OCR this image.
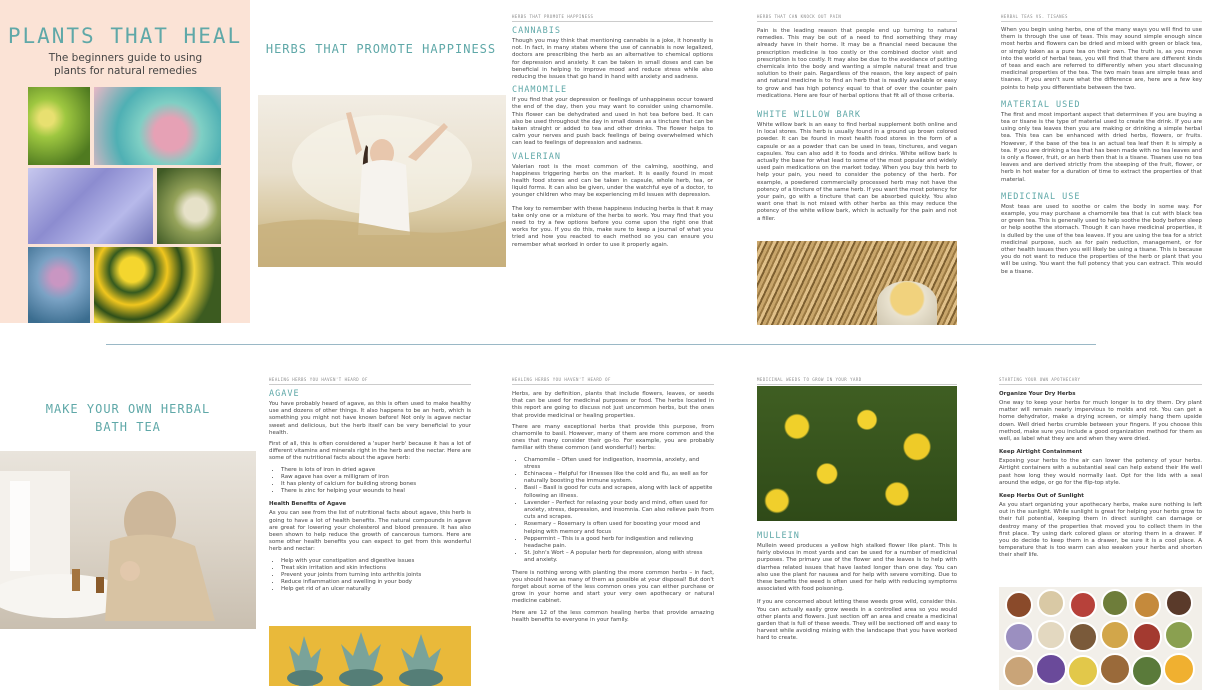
PLANTS THAT HEAL
The beginners guide to using plants for natural remedies
HERBS THAT PROMOTE HAPPINESS
HERBS THAT PROMOTE HAPPINESS
CANNABIS
Though you may think that mentioning cannabis is a joke, it honestly is not. In fact, in many states where the use of cannabis is now legalized, doctors are prescribing the herb as an alternative to chemical options for depression and anxiety. It can be taken in small doses and can be beneficial in helping to improve mood and reduce stress while also reducing the issues that go hand in hand with anxiety and sadness.
CHAMOMILE
If you find that your depression or feelings of unhappiness occur toward the end of the day, then you may want to consider using chamomile. This flower can be dehydrated and used in hot tea before bed. It can also be used throughout the day in small doses as a tincture that can be taken straight or added to tea and other drinks. The flower helps to calm your nerves and push back feelings of being overwhelmed which can lead to feelings of depression and sadness.
VALERIAN
Valerian root is the most common of the calming, soothing, and happiness triggering herbs on the market. It is easily found in most health food stores and can be taken in capsule, whole herb, tea, or liquid forms. It can also be given, under the watchful eye of a doctor, to younger children who may be experiencing mild issues with depression.
The key to remember with these happiness inducing herbs is that it may take only one or a mixture of the herbs to work. You may find that you need to try a few options before you come upon the right one that works for you. If you do this, make sure to keep a journal of what you tried and how you reacted to each method so you can ensure you remember what worked in order to use it properly again.
HERBS THAT CAN KNOCK OUT PAIN
Pain is the leading reason that people end up turning to natural remedies. This may be out of a need to find something they may already have in their home. It may be a financial need because the prescription medicine is too costly or the combined doctor visit and prescription is too costly. It may also be due to the avoidance of putting chemicals into the body and wanting a simple natural treat and true solution to their pain. Regardless of the reason, the key aspect of pain and natural medicine is to find an herb that is readily available or easy to grow and has high potency equal to that of over the counter pain medications. Here are four of herbal options that fit all of those criteria.
WHITE WILLOW BARK
White willow bark is an easy to find herbal supplement both online and in local stores. This herb is usually found in a ground up brown colored powder. It can be found in most health food stores in the form of a capsule or as a powder that can be used in teas, tinctures, and vegan capsules. You can also add it to foods and drinks. White willow bark is actually the base for what lead to some of the most popular and widely used pain medications on the market today. When you buy this herb to help your pain, you need to consider the potency of the herb. For example, a powdered commercially processed herb may not have the potency of a tincture of the same herb. If you want the most potency for your pain, go with a tincture that can be absorbed quickly. You also want one that is not mixed with other herbs as this may reduce the potency of the white willow bark, which is actually for the pain and not a filler.
HERBAL TEAS VS. TISANES
When you begin using herbs, one of the many ways you will find to use them is through the use of teas. This may sound simple enough since most herbs and flowers can be dried and mixed with green or black tea, or simply taken as a pure tea on their own. The truth is, as you move into the world of herbal teas, you will find that there are different kinds of teas and each are referred to differently when you start discussing medicinal properties of the tea. The two main teas are simple teas and tisanes. If you aren't sure what the difference are, here are a few key points to help you differentiate between the two.
MATERIAL USED
The first and most important aspect that determines if you are buying a tea or tisane is the type of material used to create the drink. If you are using only tea leaves then you are making or drinking a simple herbal tea. This tea can be enhanced with dried herbs, flowers, or fruits. However, if the base of the tea is an actual tea leaf then it is simply a tea. If you are drinking a tea that has been made with no tea leaves and is only a flower, fruit, or an herb then that is a tisane. Tisanes use no tea leaves and are derived strictly from the steeping of the fruit, flower, or herb in hot water for a duration of time to extract the properties of that material.
MEDICINAL USE
Most teas are used to soothe or calm the body in some way. For example, you may purchase a chamomile tea that is cut with black tea or green tea. This is generally used to help soothe the body before sleep or help soothe the stomach. Though it can have medicinal properties, it is dulled by the use of the tea leaves. If you are using the tea for a strict medicinal purpose, such as for pain reduction, management, or for other health issues then you will likely be using a tisane. This is because you do not want to reduce the properties of the herb or plant that you will be using. You want the full potency that you can extract. This would be a tisane.
MAKE YOUR OWN HERBAL BATH TEA
HEALING HERBS YOU HAVEN'T HEARD OF
AGAVE
You have probably heard of agave, as this is often used to make healthy use and dozens of other things. It also happens to be an herb, which is something you might not have known before! Not only is agave nectar sweet and delicious, but the herb itself can be very beneficial to your health.
First of all, this is often considered a 'super herb' because it has a lot of different vitamins and minerals right in the herb and the nectar. Here are some of the nutritional facts about the agave herb:
• There is lots of iron in dried agave
• Raw agave has over a milligram of iron
• It has plenty of calcium for building strong bones
• There is zinc for helping your wounds to heal
Health Benefits of Agave
As you can see from the list of nutritional facts about agave, this herb is going to have a lot of health benefits. The natural compounds in agave are great for lowering your cholesterol and blood pressure. It has also been shown to help reduce the growth of cancerous tumors. Here are some other health benefits you can expect to get from this wonderful herb and nectar:
• Help with your constipation and digestive issues
• Treat skin irritation and skin infections
• Prevent your joints from turning into arthritis joints
• Reduce inflammation and swelling in your body
• Help get rid of an ulcer naturally
HEALING HERBS YOU HAVEN'T HEARD OF
Herbs, are by definition, plants that include flowers, leaves, or seeds that can be used for medicinal purposes or food. The herbs located in this report are going to discuss not just uncommon herbs, but the ones that provide medicinal or healing properties.
There are many exceptional herbs that provide this purpose, from chamomile to basil. However, many of them are more common and the ones that many consider their go-to. For example, you are probably familiar with these common (and wonderful!) herbs:
• Chamomile – Often used for indigestion, insomnia, anxiety, and stress
• Echinacea – Helpful for illnesses like the cold and flu, as well as for naturally boosting the immune system.
• Basil – Basil is good for cuts and scrapes, along with lack of appetite following an illness.
• Lavender – Perfect for relaxing your body and mind, often used for anxiety, stress, depression, and insomnia. Can also relieve pain from cuts and scrapes.
• Rosemary – Rosemary is often used for boosting your mood and helping with memory and focus
• Peppermint – This is a good herb for indigestion and relieving headache pain.
• St. John's Wort – A popular herb for depression, along with stress and anxiety.
There is nothing wrong with planting the more common herbs – in fact, you should have as many of them as possible at your disposal! But don't forget about some of the less common ones you can either purchase or grow in your home and start your very own apothecary or natural medicine cabinet.
Here are 12 of the less common healing herbs that provide amazing health benefits to everyone in your family.
MEDICINAL WEEDS TO GROW IN YOUR YARD
MULLEIN
Mullein weed produces a yellow high stalked flower like plant. This is fairly obvious in most yards and can be used for a number of medicinal purposes. The primary use of the flower and the leaves is to help with diarrhea related issues that have lasted longer than one day. You can also use the plant for nausea and for help with severe vomiting. Due to these benefits the weed is often used for help with reducing symptoms associated with food poisoning.
If you are concerned about letting these weeds grow wild, consider this. You can actually easily grow weeds in a controlled area so you would other plants and flowers. Just section off an area and create a medicinal garden that is full of these weeds. They will be sectioned off and easy to harvest while avoiding mixing with the landscape that you have worked hard to create.
STARTING YOUR OWN APOTHECARY
Organize Your Dry Herbs
One way to keep your herbs for much longer is to dry them. Dry plant matter will remain nearly impervious to molds and rot. You can get a home dehydrator, make a drying screen, or simply hang them upside down. Well dried herbs crumble between your fingers. If you choose this method, make sure you include a good organization method for them as well, as label what they are and when they were dried.
Keep Airtight Containment
Exposing your herbs to the air can lower the potency of your herbs. Airtight containers with a substantial seal can help extend their life well past how long they would normally last. Opt for the lids with a seal around the edge, or go for the flip-top style.
Keep Herbs Out of Sunlight
As you start organizing your apothecary herbs, make sure nothing is left out in the sunlight. While sunlight is great for helping your herbs grow to their full potential, keeping them in direct sunlight can damage or destroy many of the properties that moved you to collect them in the first place. Try using dark colored glass or storing them in a drawer. If you do decide to keep them in a drawer, be sure it is a cool place. A temperature that is too warm can also weaken your herbs and shorten their shelf life.
